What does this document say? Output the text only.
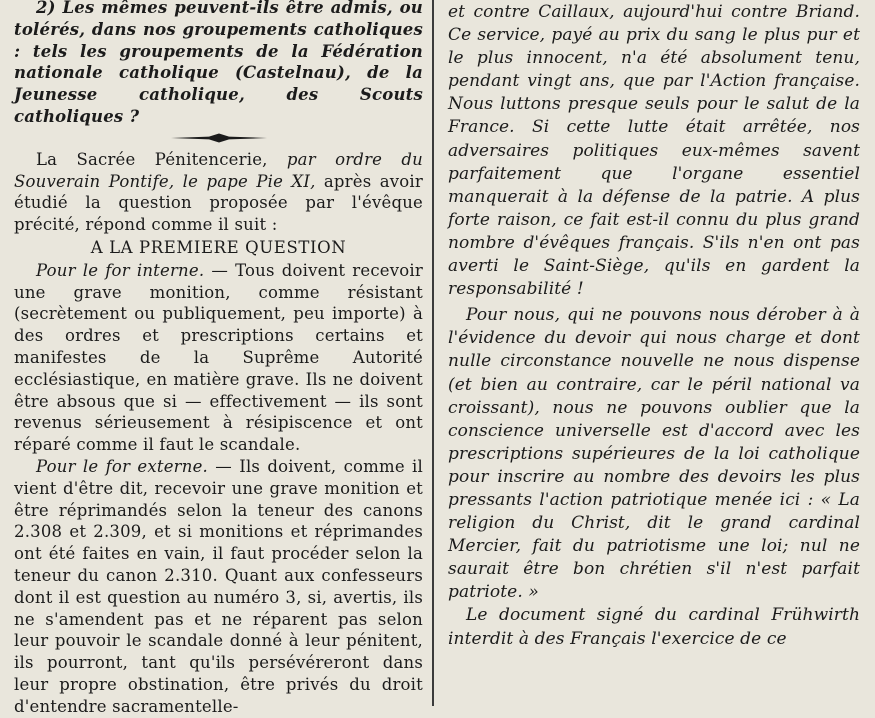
2) Les mêmes peuvent-ils être admis, ou tolérés, dans nos groupements catholiques : tels les groupements de la Fédération nationale catholique (Castelnau), de la Jeunesse catholique, des Scouts catholiques ?

La Sacrée Pénitencerie, par ordre du Souverain Pontife, le pape Pie XI, après avoir étudié la question proposée par l'évêque précité, répond comme il suit :

A LA PREMIERE QUESTION

Pour le for interne. — Tous doivent recevoir une grave monition, comme résistant (secrètement ou publiquement, peu importe) à des ordres et prescriptions certains et manifestes de la Suprême Autorité ecclésiastique, en matière grave. Ils ne doivent être absous que si — effectivement — ils sont revenus sérieusement à résipiscence et ont réparé comme il faut le scandale.

Pour le for externe. — Ils doivent, comme il vient d'être dit, recevoir une grave monition et être réprimandés selon la teneur des canons 2.308 et 2.309, et si monitions et réprimandes ont été faites en vain, il faut procéder selon la teneur du canon 2.310. Quant aux confesseurs dont il est question au numéro 3, si, avertis, ils ne s'amendent pas et ne réparent pas selon leur pouvoir le scandale donné à leur pénitent, ils pourront, tant qu'ils persévéreront dans leur propre obstination, être privés du droit d'entendre sacramentelle-

et contre Caillaux, aujourd'hui contre Briand. Ce service, payé au prix du sang le plus pur et le plus innocent, n'a été absolument tenu, pendant vingt ans, que par l'Action française. Nous luttons presque seuls pour le salut de la France. Si cette lutte était arrêtée, nos adversaires politiques eux-mêmes savent parfaitement que l'organe essentiel manquerait à la défense de la patrie. A plus forte raison, ce fait est-il connu du plus grand nombre d'évêques français. S'ils n'en ont pas averti le Saint-Siège, qu'ils en gardent la responsabilité !

Pour nous, qui ne pouvons nous dérober à à l'évidence du devoir qui nous charge et dont nulle circonstance nouvelle ne nous dispense (et bien au contraire, car le péril national va croissant), nous ne pouvons oublier que la conscience universelle est d'accord avec les prescriptions supérieures de la loi catholique pour inscrire au nombre des devoirs les plus pressants l'action patriotique menée ici : « La religion du Christ, dit le grand cardinal Mercier, fait du patriotisme une loi; nul ne saurait être bon chrétien s'il n'est parfait patriote. »

Le document signé du cardinal Frühwirth interdit à des Français l'exercice de ce
